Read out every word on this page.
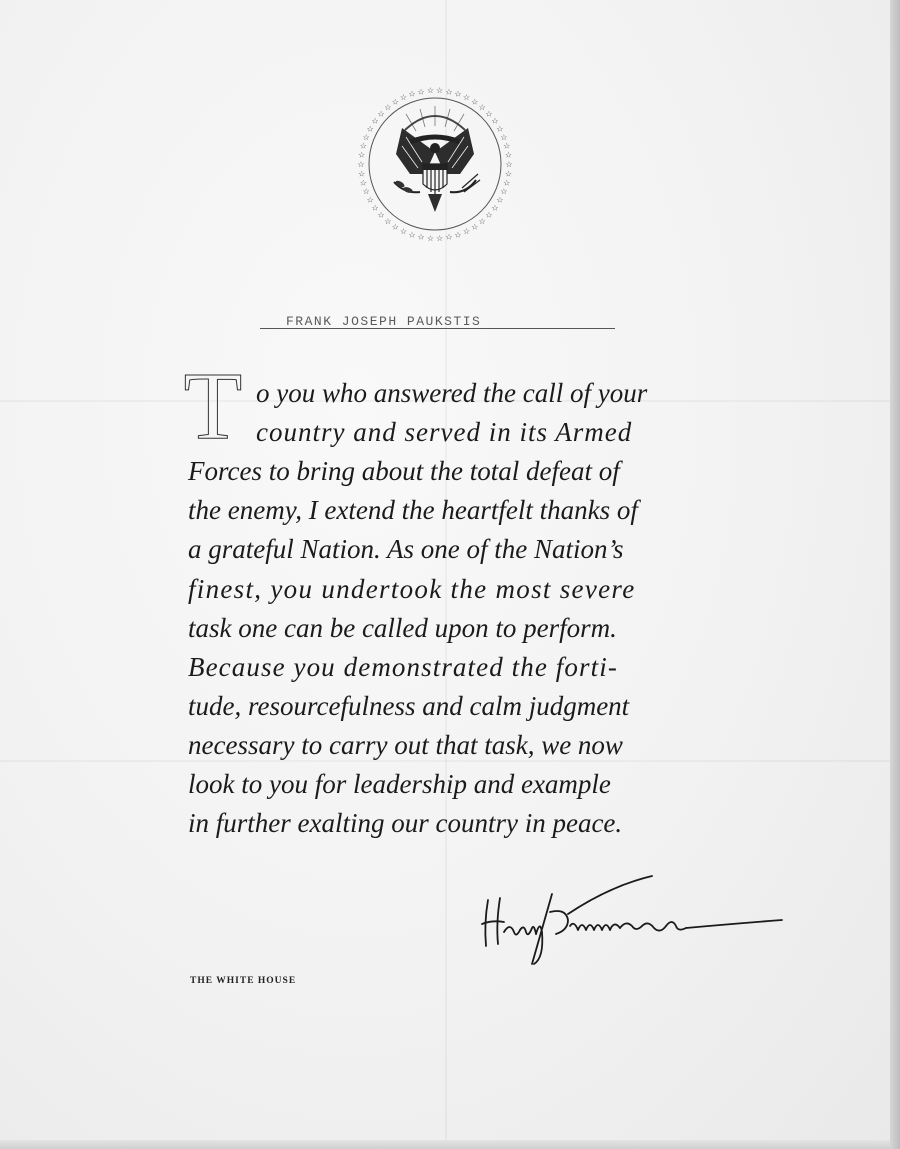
☆
☆
☆
☆
☆
☆
☆
☆
☆
☆
☆
☆
☆
☆
☆
☆
☆
☆
☆
☆
☆
☆
☆
☆
☆
☆
☆
☆
☆
☆
☆
☆
☆
☆ ☆ ☆ ☆ ☆ ☆ ☆ ☆ ☆ ☆
☆
☆
☆
☆
☆
☆
☆
FRANK JOSEPH PAUKSTIS
T o you who answered the call of your
country and served in its Armed
Forces to bring about the total defeat of
the enemy, I extend the heartfelt thanks of
a grateful Nation. As one of the Nation’s
finest, you undertook the most severe
task one can be called upon to perform.
Because you demonstrated the forti-
tude, resourcefulness and calm judgment
necessary to carry out that task, we now
look to you for leadership and example
in further exalting our country in peace.
THE WHITE HOUSE
